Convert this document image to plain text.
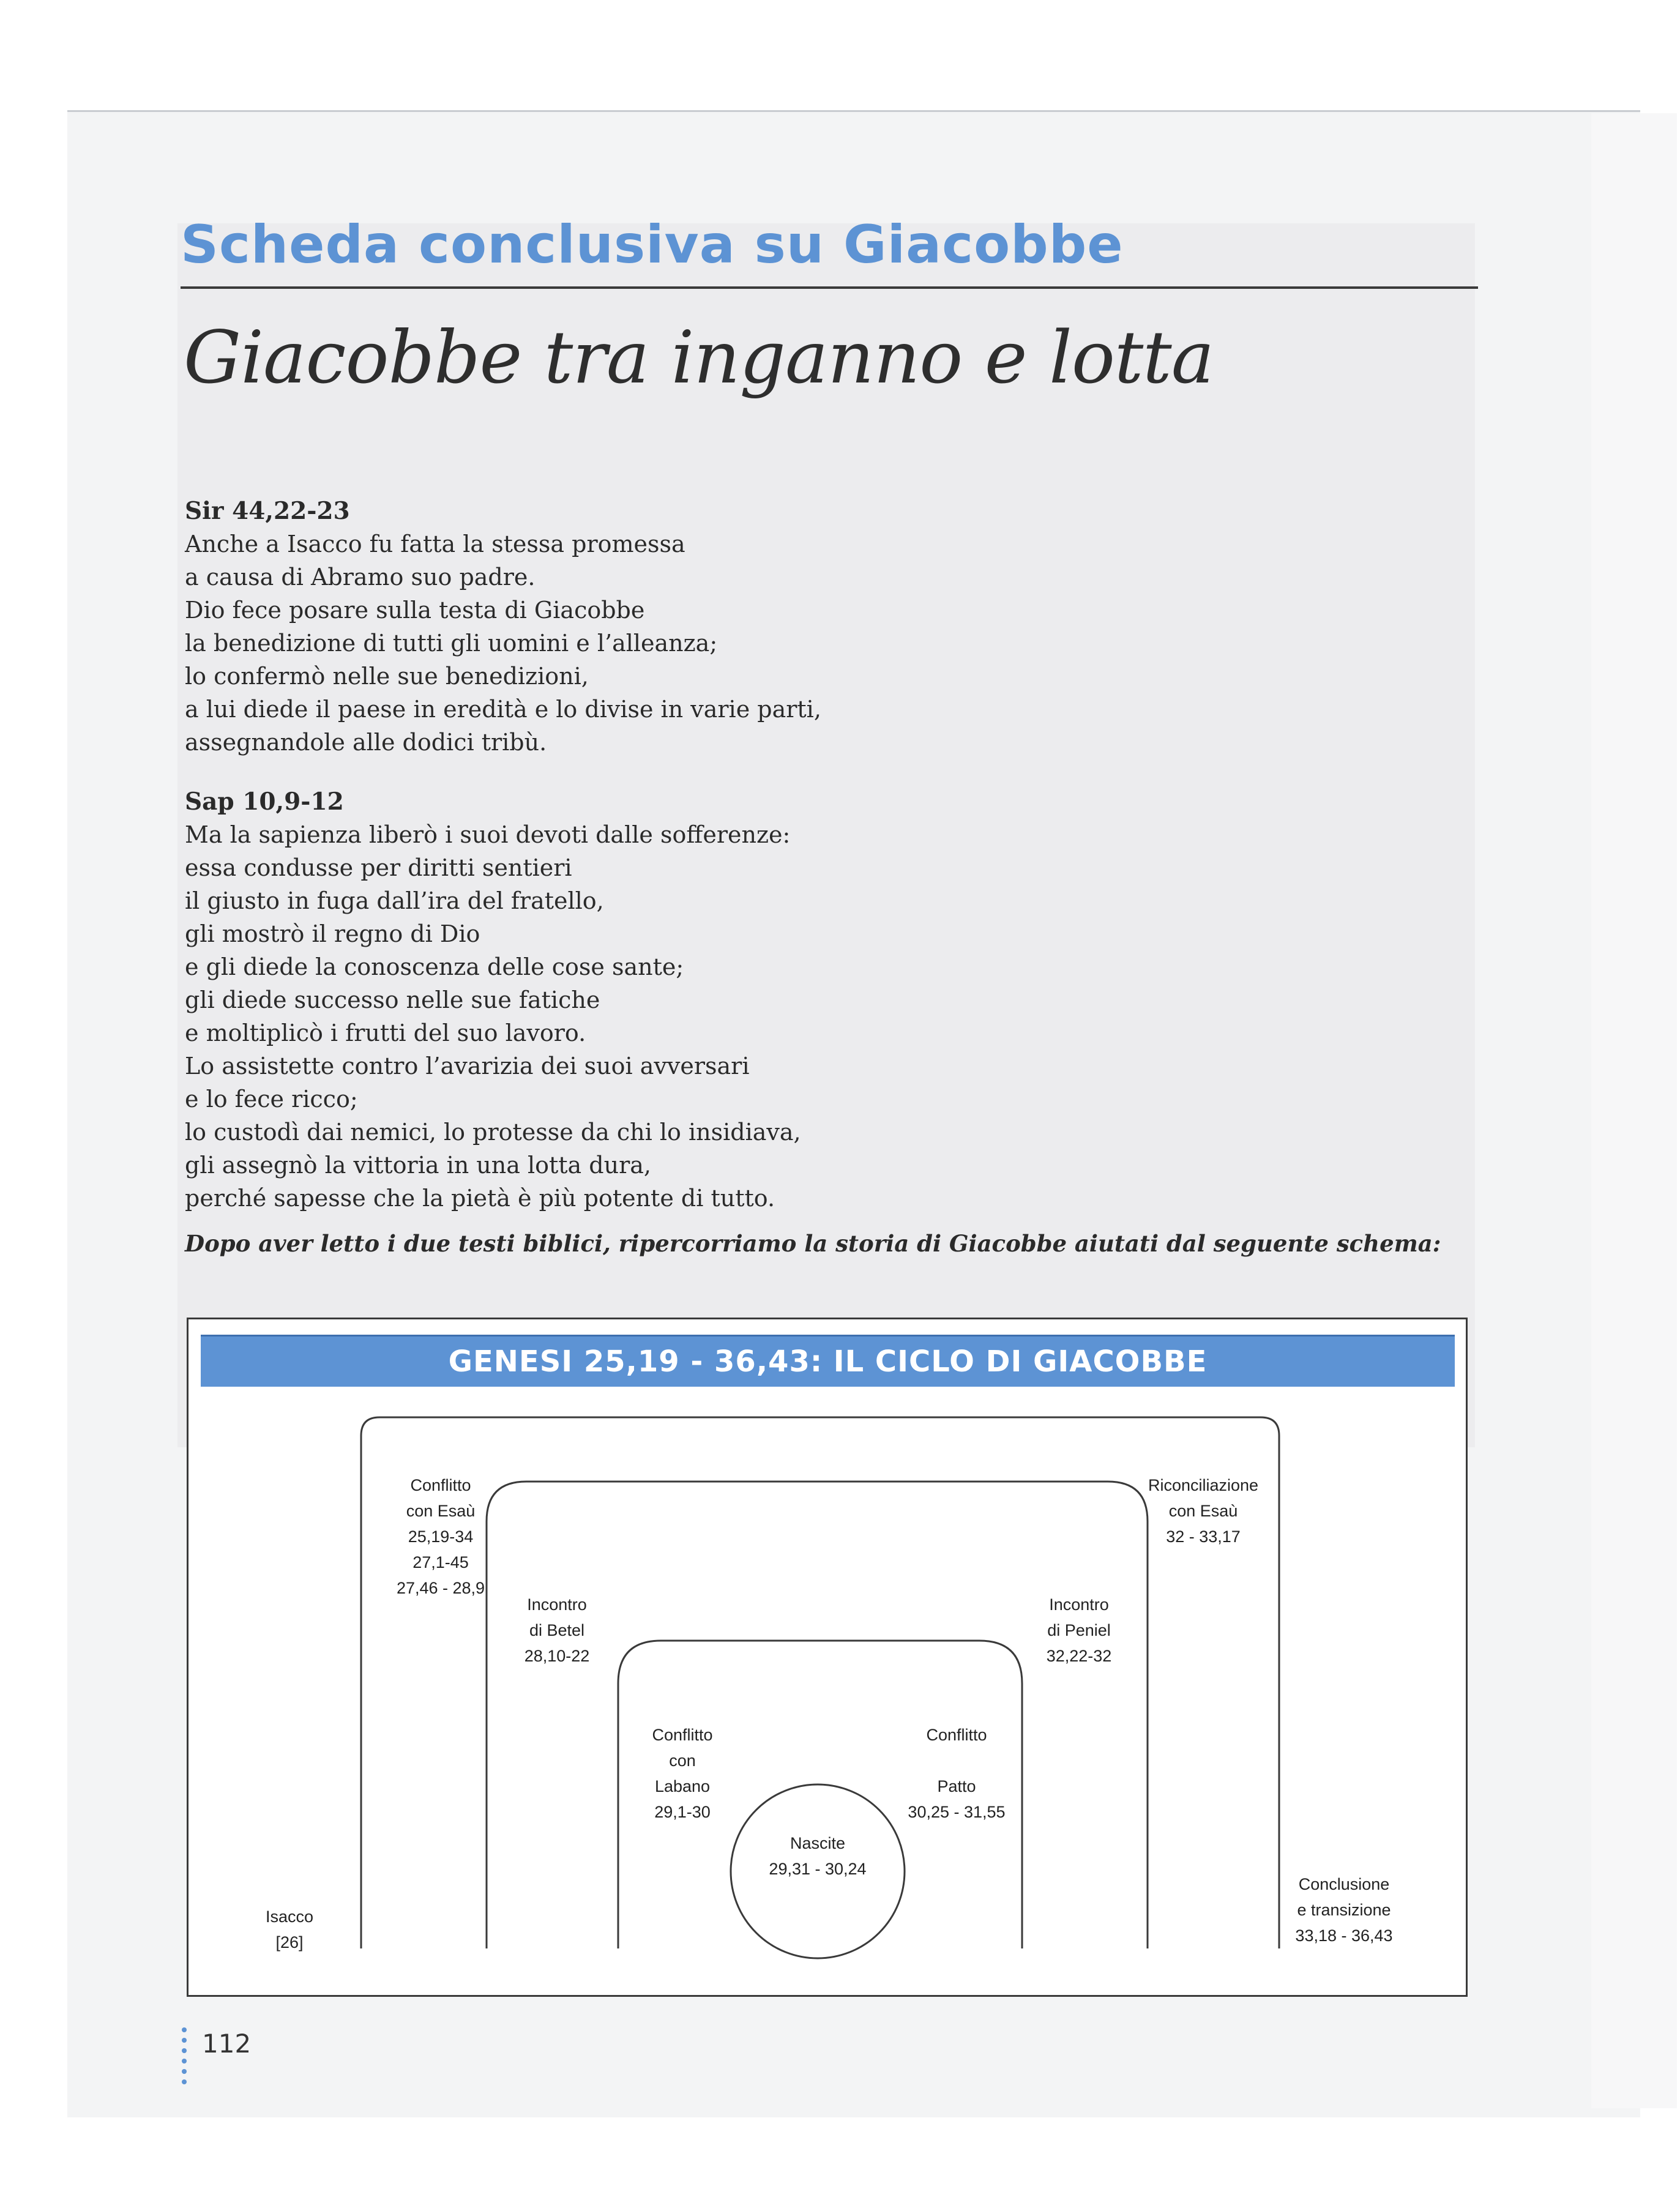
Scheda conclusiva su Giacobbe
Giacobbe tra inganno e lotta
Sir 44,22-23
Anche a Isacco fu fatta la stessa promessa
a causa di Abramo suo padre.
Dio fece posare sulla testa di Giacobbe
la benedizione di tutti gli uomini e l’alleanza;
lo confermò nelle sue benedizioni,
a lui diede il paese in eredità e lo divise in varie parti,
assegnandole alle dodici tribù.
Sap 10,9-12
Ma la sapienza liberò i suoi devoti dalle sofferenze:
essa condusse per diritti sentieri
il giusto in fuga dall’ira del fratello,
gli mostrò il regno di Dio
e gli diede la conoscenza delle cose sante;
gli diede successo nelle sue fatiche
e moltiplicò i frutti del suo lavoro.
Lo assistette contro l’avarizia dei suoi avversari
e lo fece ricco;
lo custodì dai nemici, lo protesse da chi lo insidiava,
gli assegnò la vittoria in una lotta dura,
perché sapesse che la pietà è più potente di tutto.
Dopo aver letto i due testi biblici, ripercorriamo la storia di Giacobbe aiutati dal seguente schema:
GENESI 25,19 - 36,43: IL CICLO DI GIACOBBE
Isacco
[26]
Conflitto
con Esaù
25,19-34
27,1-45
27,46 - 28,9
Incontro
di Betel
28,10-22
Conflitto
con
Labano
29,1-30
Nascite
29,31 - 30,24
Conflitto
Patto
30,25 - 31,55
Incontro
di Peniel
32,22-32
Riconciliazione
con Esaù
32 - 33,17
Conclusione
e transizione
33,18 - 36,43
112
